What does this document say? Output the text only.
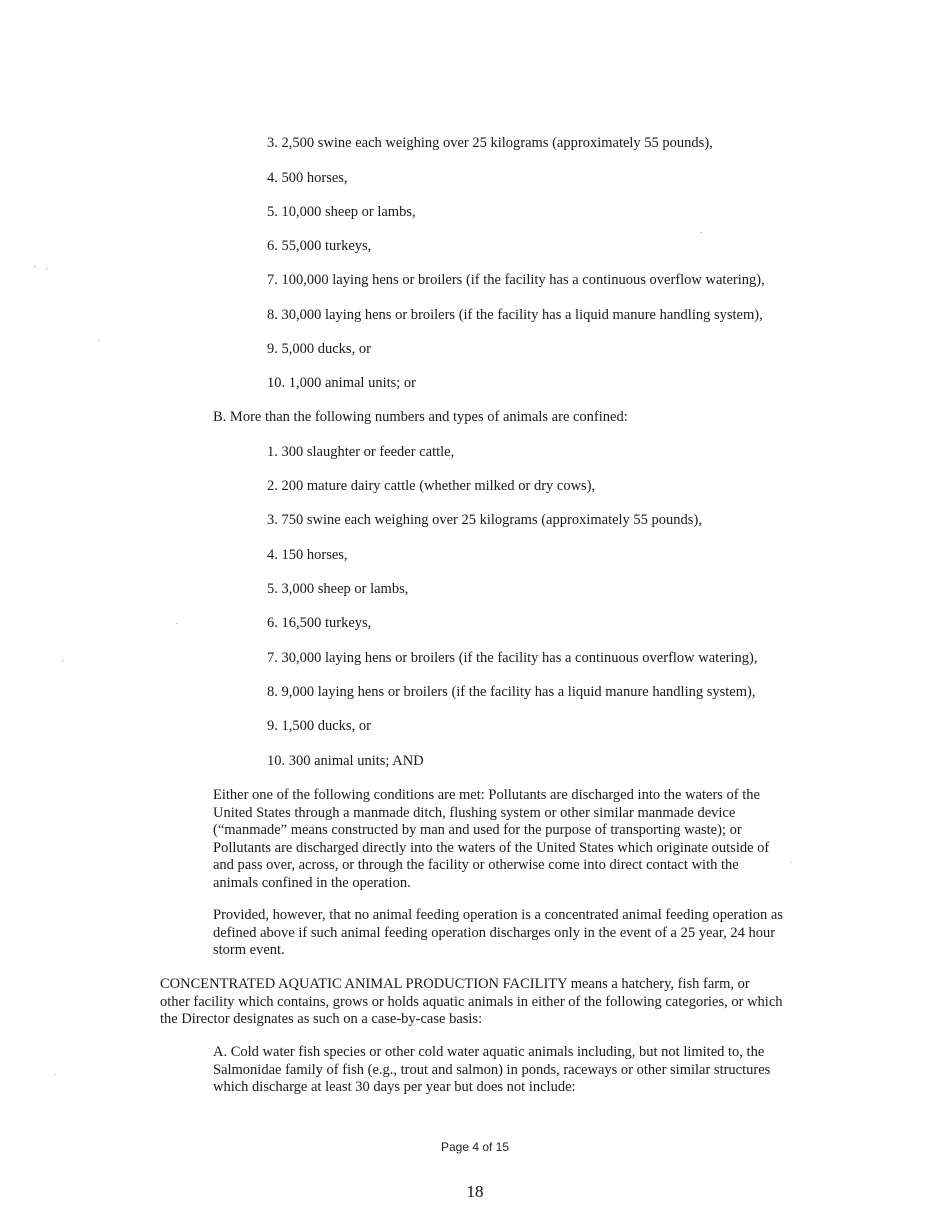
3. 2,500 swine each weighing over 25 kilograms (approximately 55 pounds),
4. 500 horses,
5. 10,000 sheep or lambs,
6. 55,000 turkeys,
7. 100,000 laying hens or broilers (if the facility has a continuous overflow watering),
8. 30,000 laying hens or broilers (if the facility has a liquid manure handling system),
9. 5,000 ducks, or
10. 1,000 animal units; or
B. More than the following numbers and types of animals are confined:
1. 300 slaughter or feeder cattle,
2. 200 mature dairy cattle (whether milked or dry cows),
3. 750 swine each weighing over 25 kilograms (approximately 55 pounds),
4. 150 horses,
5. 3,000 sheep or lambs,
6. 16,500 turkeys,
7. 30,000 laying hens or broilers (if the facility has a continuous overflow watering),
8. 9,000 laying hens or broilers (if the facility has a liquid manure handling system),
9. 1,500 ducks, or
10. 300 animal units; AND
Either one of the following conditions are met: Pollutants are discharged into the waters of the
United States through a manmade ditch, flushing system or other similar manmade device
(“manmade” means constructed by man and used for the purpose of transporting waste); or
Pollutants are discharged directly into the waters of the United States which originate outside of
and pass over, across, or through the facility or otherwise come into direct contact with the
animals confined in the operation.
Provided, however, that no animal feeding operation is a concentrated animal feeding operation as
defined above if such animal feeding operation discharges only in the event of a 25 year, 24 hour
storm event.
CONCENTRATED AQUATIC ANIMAL PRODUCTION FACILITY means a hatchery, fish farm, or
other facility which contains, grows or holds aquatic animals in either of the following categories, or which
the Director designates as such on a case-by-case basis:
A. Cold water fish species or other cold water aquatic animals including, but not limited to, the
Salmonidae family of fish (e.g., trout and salmon) in ponds, raceways or other similar structures
which discharge at least 30 days per year but does not include:
Page 4 of 15
18
